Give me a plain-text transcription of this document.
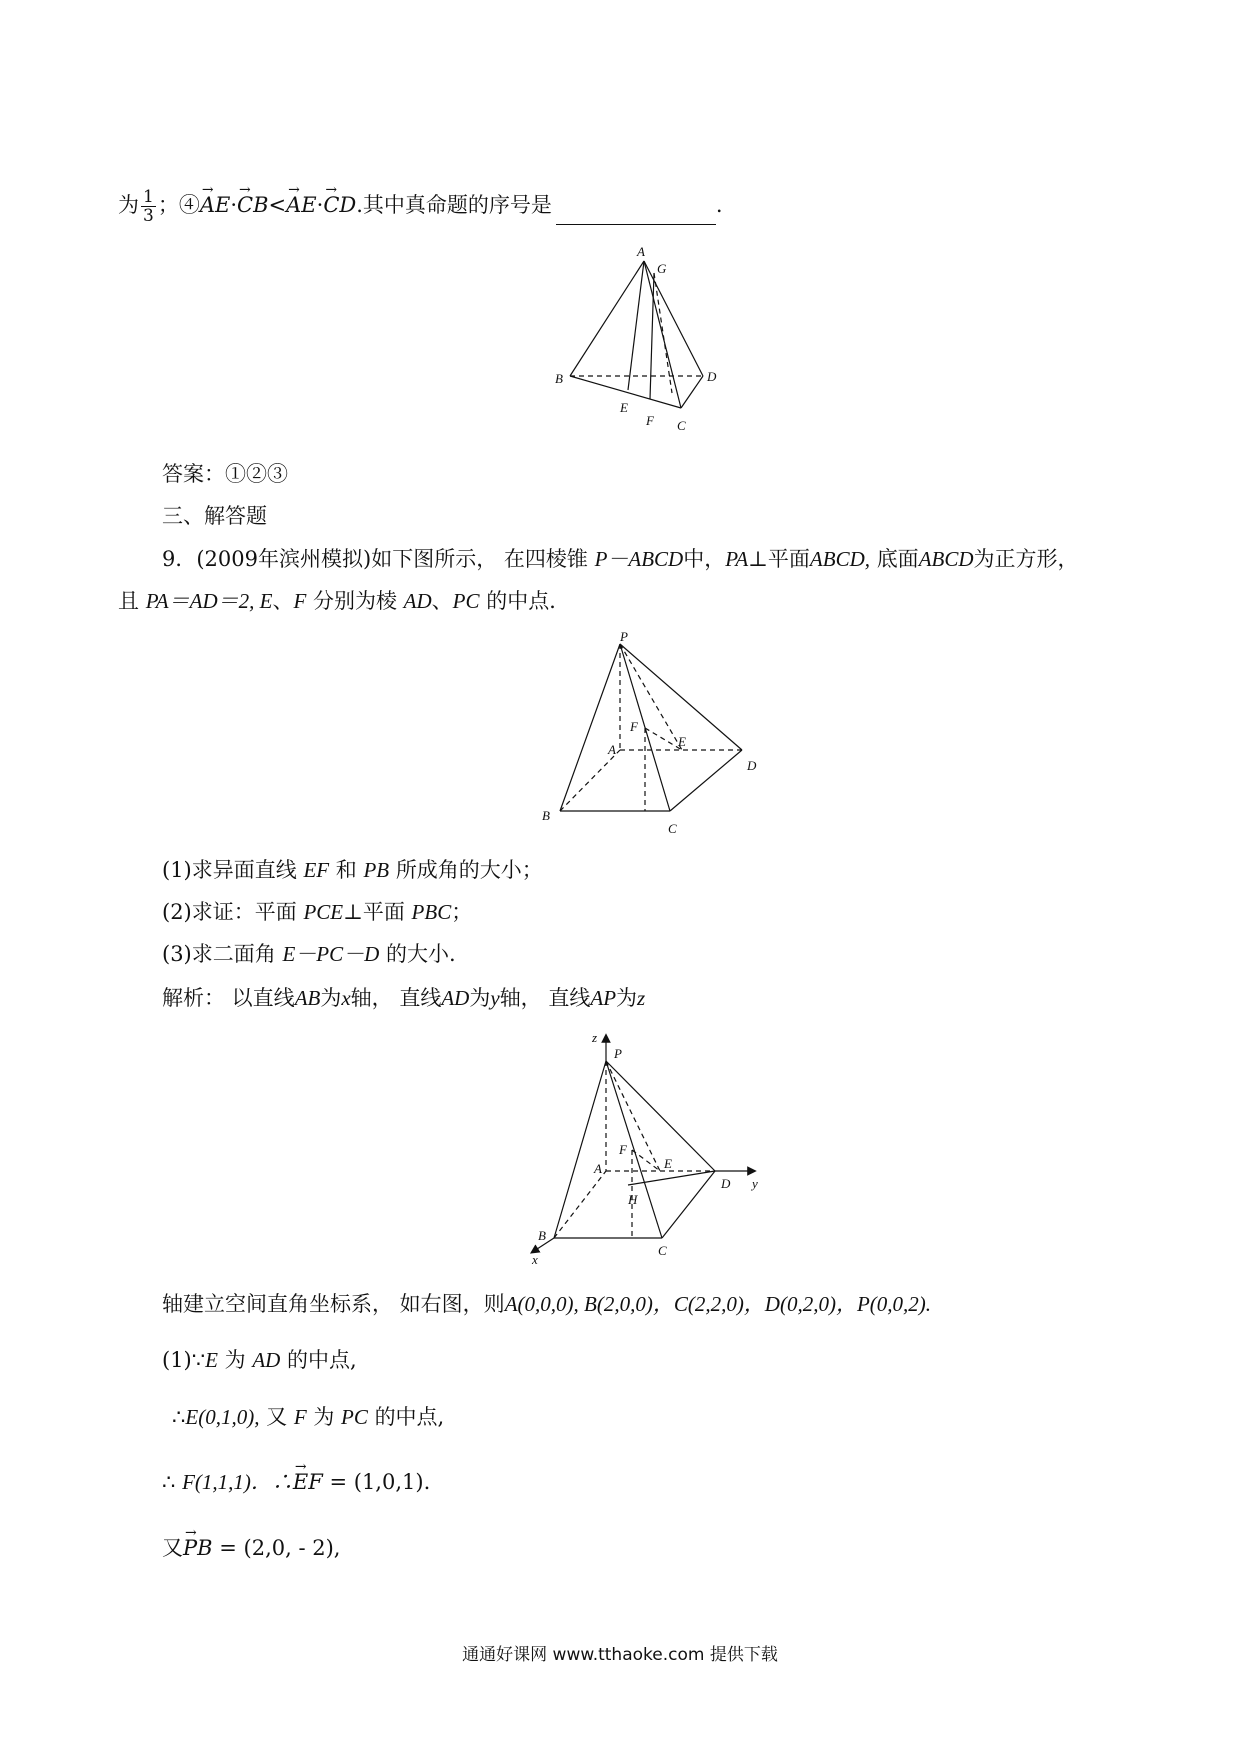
为 $\frac{1}{3}$ ；④→ AE·→ CB<→ AE·→ CD.其中真命题的序号是	.
A
G
B	D
E
F C
答案：①②③
三、解答题
9．(2009年滨州模拟)如下图所示， 在四棱锥 P－ABCD中，PA⊥平面ABCD, 底面ABCD为正方形，
且 PA＝AD＝2, E、F 分别为棱 AD、PC 的中点．
P
F
E
A
D
B
C
(1)求异面直线 EF 和 PB 所成角的大小；
(2)求证：平面 PCE⊥平面 PBC；
(3)求二面角 E－PC－D 的大小.
解析： 以直线AB为x轴， 直线AD为y轴， 直线AP为z
z
P
F
A	E
D y
H
B
C
x
轴建立空间直角坐标系， 如右图，则A(0,0,0), B(2,0,0)，C(2,2,0)，D(0,2,0)，P(0,0,2).
(1)∵E 为 AD 的中点,
∴E(0,1,0), 又 F 为 PC 的中点,
∴ F(1,1,1)．∴→ EF = (1,0,1).
又→ PB = (2,0, - 2),
通通好课网 www.tthaoke.com 提供下载
